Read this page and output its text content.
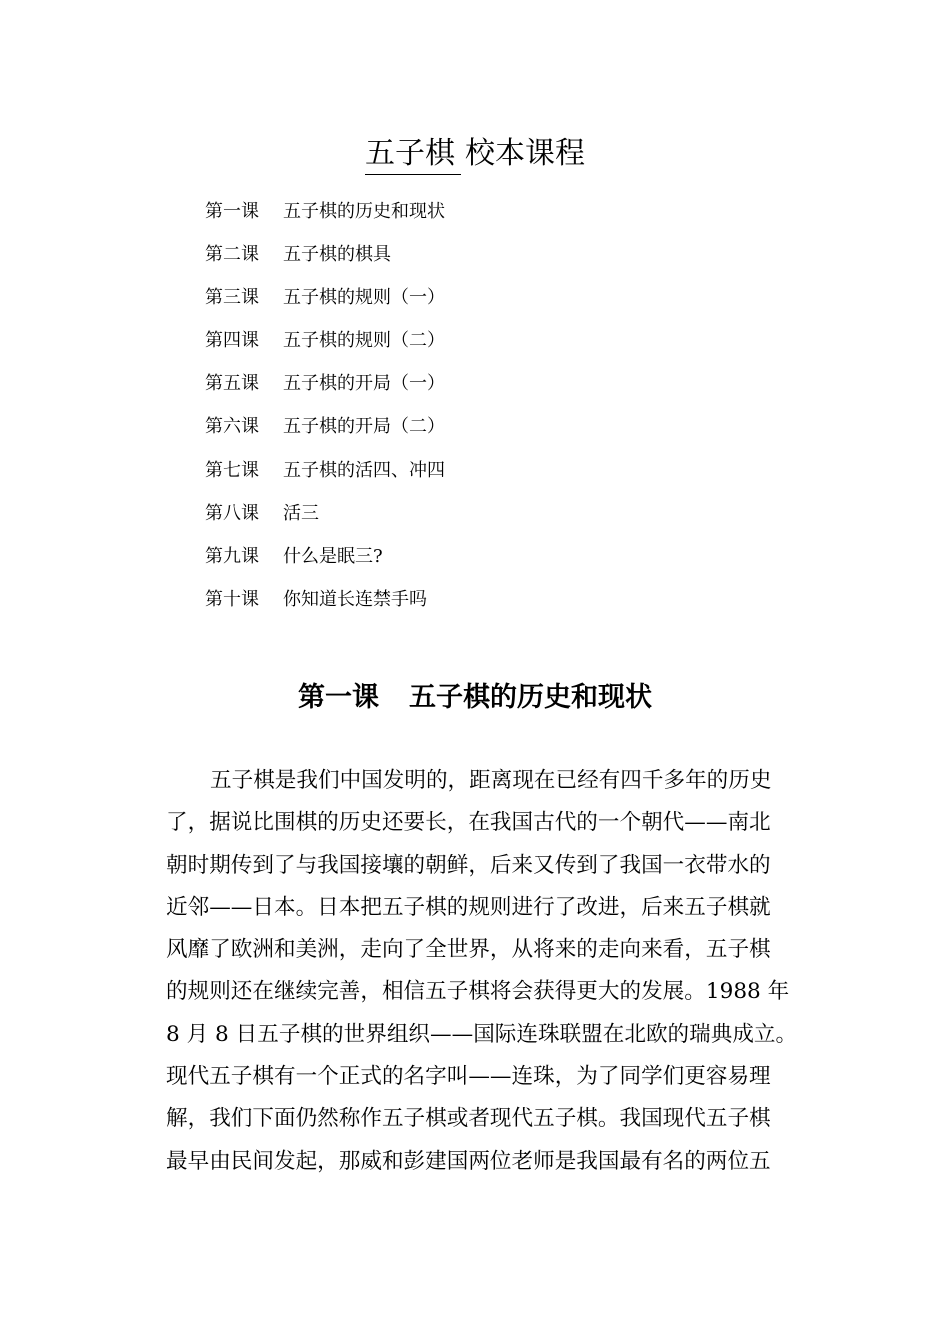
五子棋 校本课程
第一课 五子棋的历史和现状
第二课 五子棋的棋具
第三课 五子棋的规则（一）
第四课 五子棋的规则（二）
第五课 五子棋的开局（一）
第六课 五子棋的开局（二）
第七课 五子棋的活四、冲四
第八课 活三
第九课 什么是眠三?
第十课 你知道长连禁手吗
第一课 五子棋的历史和现状
五子棋是我们中国发明的，距离现在已经有四千多年的历史
了，据说比围棋的历史还要长，在我国古代的一个朝代——南北
朝时期传到了与我国接壤的朝鲜，后来又传到了我国一衣带水的
近邻——日本。日本把五子棋的规则进行了改进，后来五子棋就
风靡了欧洲和美洲，走向了全世界，从将来的走向来看，五子棋
的规则还在继续完善，相信五子棋将会获得更大的发展。1988 年
8 月 8 日五子棋的世界组织——国际连珠联盟在北欧的瑞典成立。
现代五子棋有一个正式的名字叫——连珠，为了同学们更容易理
解，我们下面仍然称作五子棋或者现代五子棋。我国现代五子棋
最早由民间发起，那威和彭建国两位老师是我国最有名的两位五
